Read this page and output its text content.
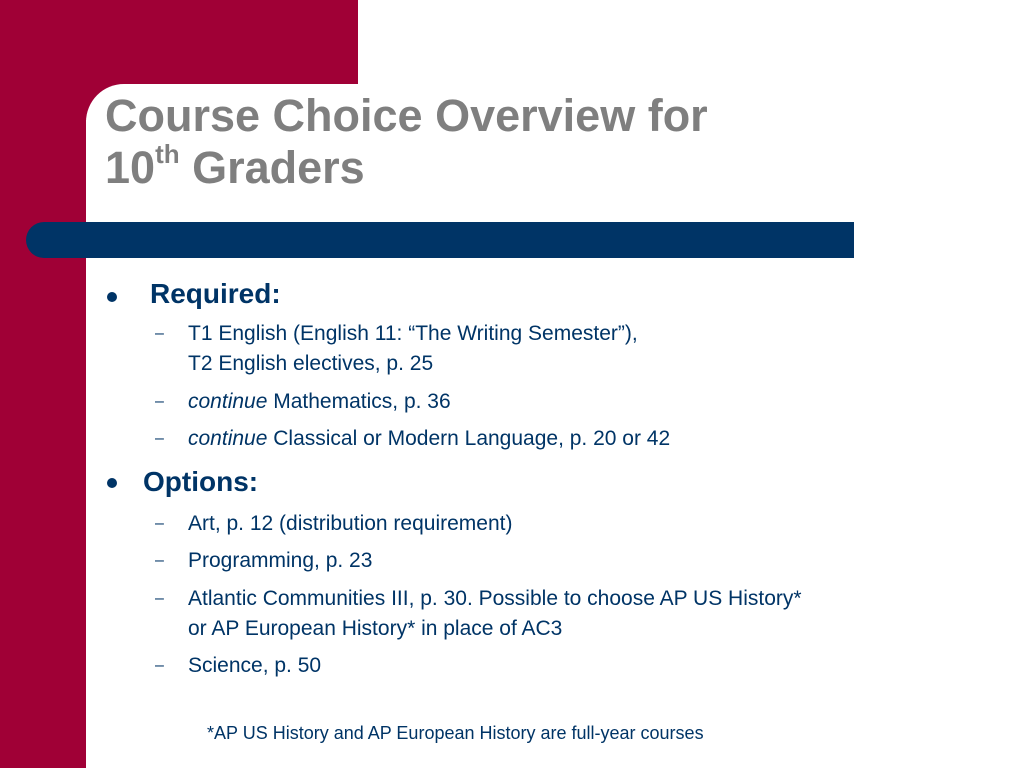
Course Choice Overview for
10th Graders
Required:
– T1 English (English 11: “The Writing Semester”),
T2 English electives, p. 25
– continue Mathematics, p. 36
– continue Classical or Modern Language, p. 20 or 42
Options:
– Art, p. 12 (distribution requirement)
– Programming, p. 23
– Atlantic Communities III, p. 30. Possible to choose AP US History*
or AP European History* in place of AC3
– Science, p. 50
*AP US History and AP European History are full-year courses
